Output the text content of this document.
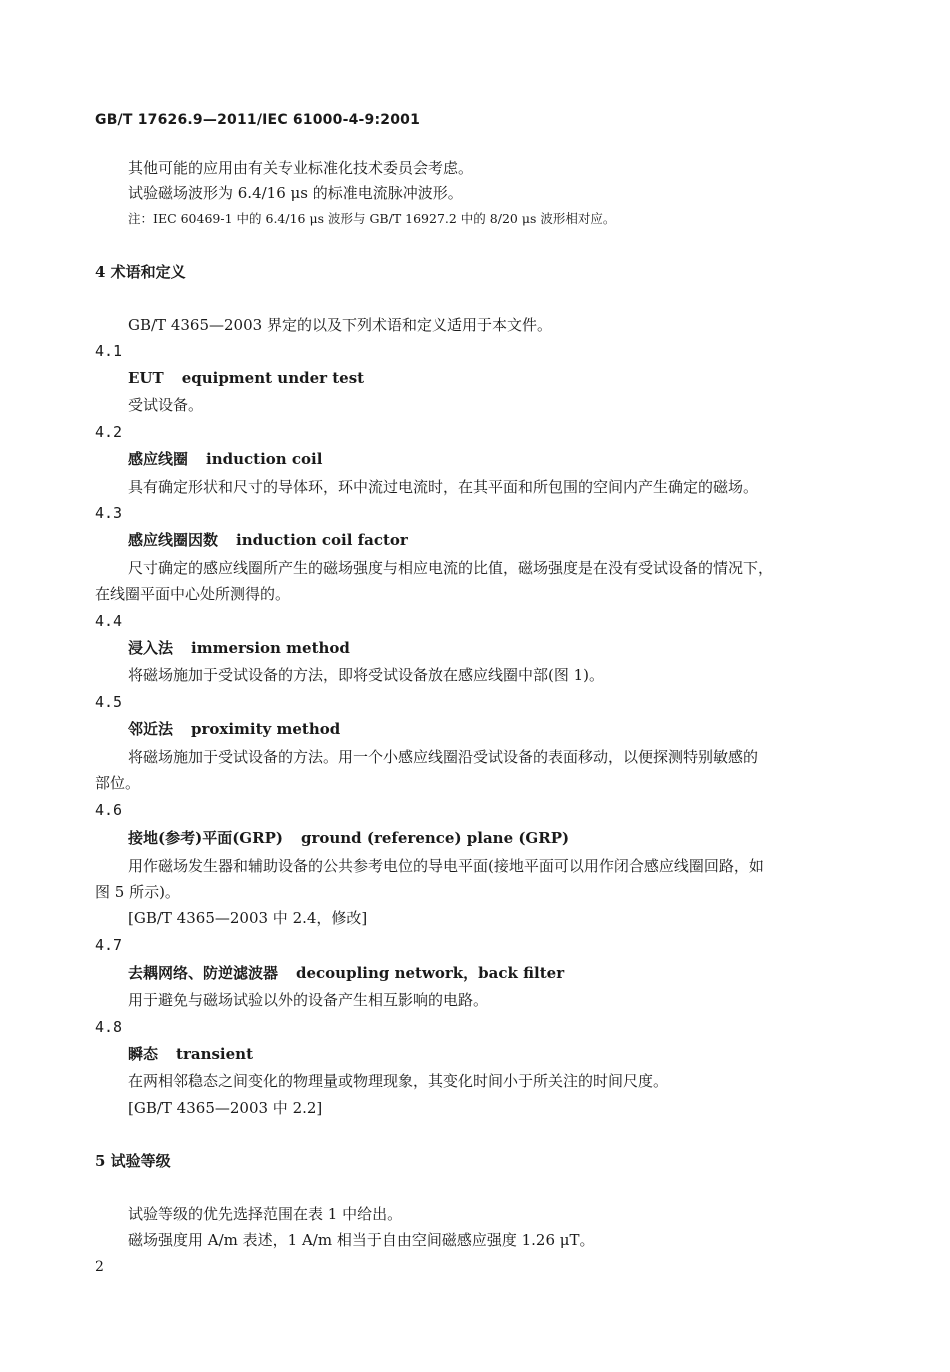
GB/T 17626.9—2011/IEC 61000-4-9:2001
其他可能的应用由有关专业标准化技术委员会考虑。
试验磁场波形为 6.4/16 μs 的标准电流脉冲波形。
注：IEC 60469-1 中的 6.4/16 μs 波形与 GB/T 16927.2 中的 8/20 μs 波形相对应。
4 术语和定义
GB/T 4365—2003 界定的以及下列术语和定义适用于本文件。
4.1
EUT equipment under test
受试设备。
4.2
感应线圈 induction coil
具有确定形状和尺寸的导体环，环中流过电流时，在其平面和所包围的空间内产生确定的磁场。
4.3
感应线圈因数 induction coil factor
尺寸确定的感应线圈所产生的磁场强度与相应电流的比值，磁场强度是在没有受试设备的情况下，
在线圈平面中心处所测得的。
4.4
浸入法 immersion method
将磁场施加于受试设备的方法，即将受试设备放在感应线圈中部(图 1)。
4.5
邻近法 proximity method
将磁场施加于受试设备的方法。用一个小感应线圈沿受试设备的表面移动，以便探测特别敏感的
部位。
4.6
接地(参考)平面(GRP) ground (reference) plane (GRP)
用作磁场发生器和辅助设备的公共参考电位的导电平面(接地平面可以用作闭合感应线圈回路，如
图 5 所示)。
[GB/T 4365—2003 中 2.4，修改]
4.7
去耦网络、防逆滤波器 decoupling network，back filter
用于避免与磁场试验以外的设备产生相互影响的电路。
4.8
瞬态 transient
在两相邻稳态之间变化的物理量或物理现象，其变化时间小于所关注的时间尺度。
[GB/T 4365—2003 中 2.2]
5 试验等级
试验等级的优先选择范围在表 1 中给出。
磁场强度用 A/m 表述，1 A/m 相当于自由空间磁感应强度 1.26 μT。
2
